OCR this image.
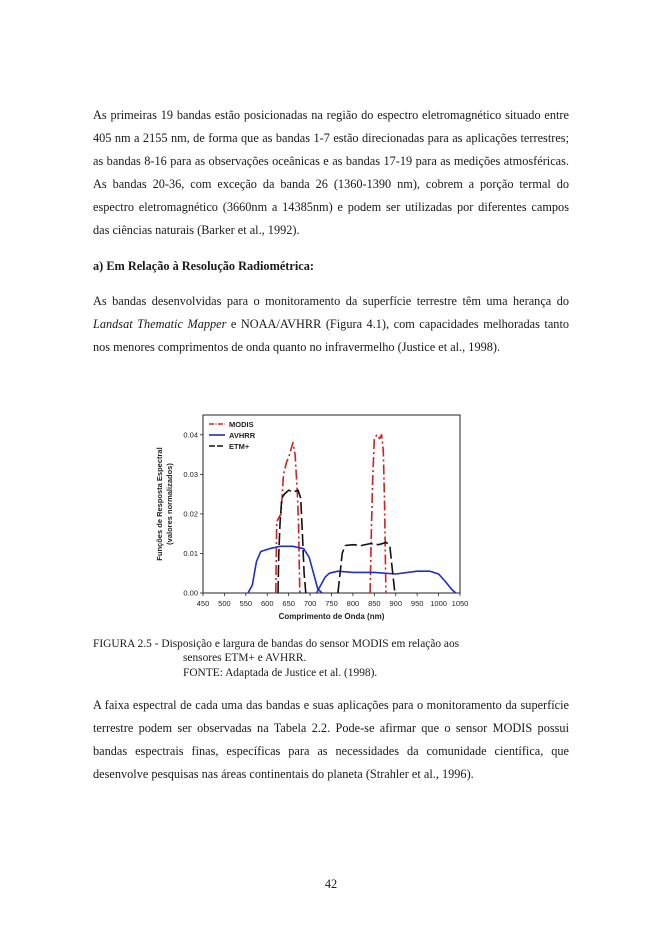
As primeiras 19 bandas estão posicionadas na região do espectro eletromagnético situado entre 405 nm a 2155 nm, de forma que as bandas 1-7 estão direcionadas para as aplicações terrestres; as bandas 8-16 para as observações oceânicas e as bandas 17-19 para as medições atmosféricas. As bandas 20-36, com exceção da banda 26 (1360-1390 nm), cobrem a porção termal do espectro eletromagnético (3660nm a 14385nm) e podem ser utilizadas por diferentes campos das ciências naturais (Barker et al., 1992).

a) Em Relação à Resolução Radiométrica:

As bandas desenvolvidas para o monitoramento da superfície terrestre têm uma herança do Landsat Thematic Mapper e NOAA/AVHRR (Figura 4.1), com capacidades melhoradas tanto nos menores comprimentos de onda quanto no infravermelho (Justice et al., 1998).

450 500 550 600 650 700 750 800 850 900 950 1000 1050
0.00
0.01
0.02
0.03
0.04
Comprimento de Onda (nm)
Funções de Resposta Espectral (valores normalizados)
MODIS
AVHRR
ETM+
FIGURA 2.5 - Disposição e largura de bandas do sensor MODIS em relação aos
sensores ETM+ e AVHRR.
FONTE: Adaptada de Justice et al. (1998).

A faixa espectral de cada uma das bandas e suas aplicações para o monitoramento da superfície terrestre podem ser observadas na Tabela 2.2. Pode-se afirmar que o sensor MODIS possui bandas espectrais finas, específicas para as necessidades da comunidade científica, que desenvolve pesquisas nas áreas continentais do planeta (Strahler et al., 1996).

42
